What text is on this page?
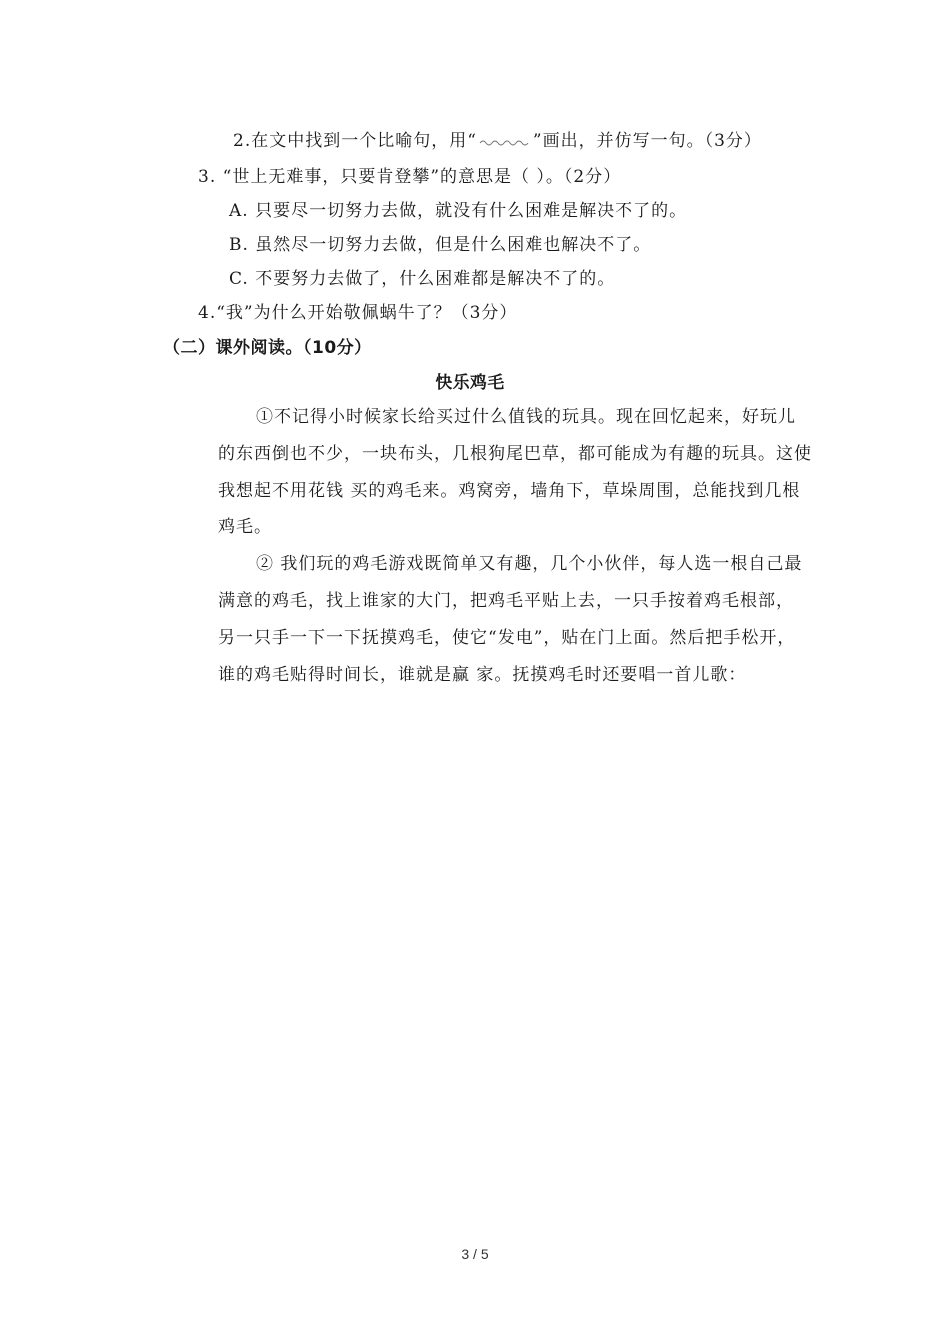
2.在文中找到一个比喻句，用“	”画出，并仿写一句。（3分）
3. “世上无难事，只要肯登攀”的意思是（ ）。（2分）
A. 只要尽一切努力去做，就没有什么困难是解决不了的。
B. 虽然尽一切努力去做，但是什么困难也解决不了。
C. 不要努力去做了，什么困难都是解决不了的。
4.“我”为什么开始敬佩蜗牛了？（3分）
（二）课外阅读。（10分）
快乐鸡毛
①不记得小时候家长给买过什么值钱的玩具。现在回忆起来，好玩儿
的东西倒也不少，一块布头，几根狗尾巴草，都可能成为有趣的玩具。这使
我想起不用花钱 买的鸡毛来。鸡窝旁，墙角下，草垛周围，总能找到几根
鸡毛。
② 我们玩的鸡毛游戏既简单又有趣，几个小伙伴，每人选一根自己最
满意的鸡毛，找上谁家的大门，把鸡毛平贴上去，一只手按着鸡毛根部，
另一只手一下一下抚摸鸡毛，使它“发电”，贴在门上面。然后把手松开，
谁的鸡毛贴得时间长，谁就是赢 家。抚摸鸡毛时还要唱一首儿歌：
3 / 5
